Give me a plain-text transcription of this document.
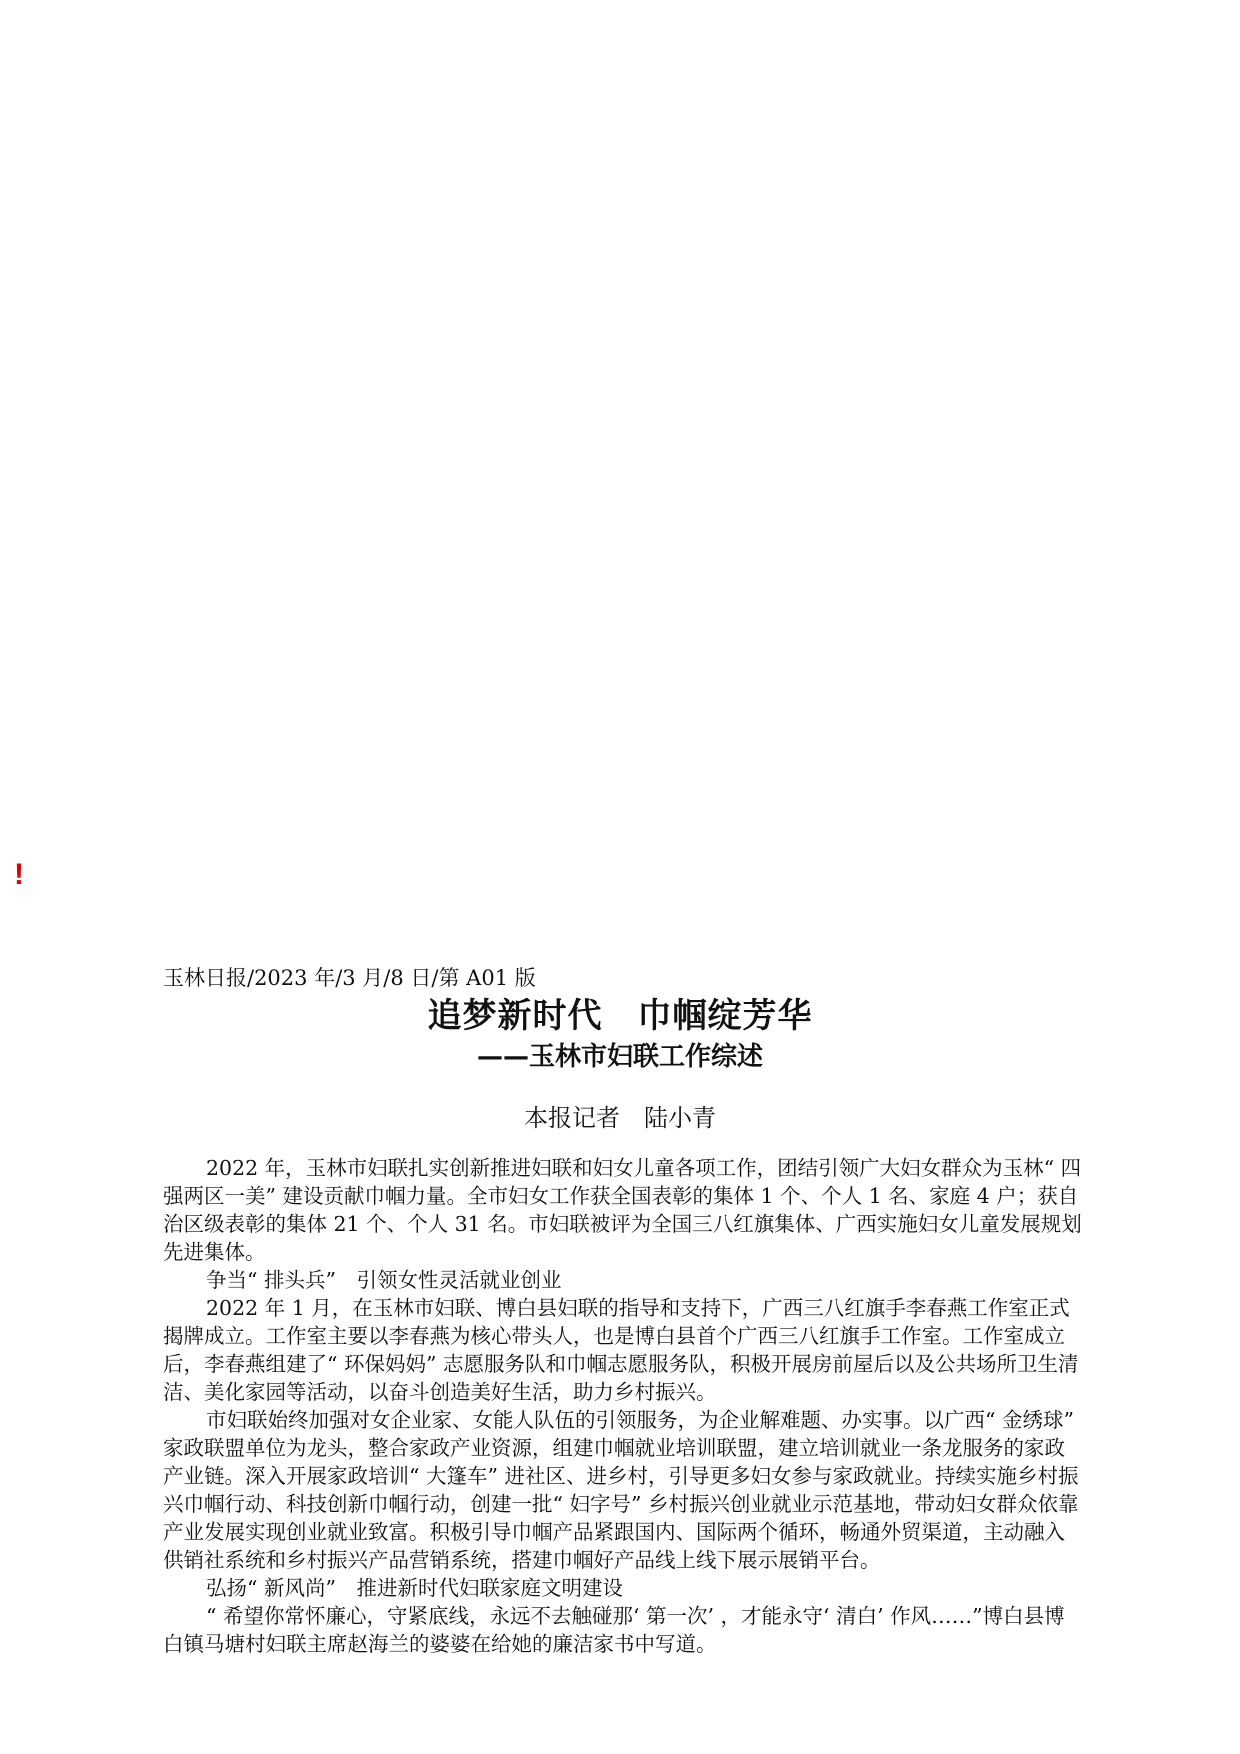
!
玉林日报/2023 年/3 月/8 日/第 A01 版
追梦新时代　巾帼绽芳华
——玉林市妇联工作综述
本报记者　陆小青

2022 年，玉林市妇联扎实创新推进妇联和妇女儿童各项工作，团结引领广大妇女群众为玉林“ 四强两区一美” 建设贡献巾帼力量。全市妇女工作获全国表彰的集体 1 个、个人 1 名、家庭 4 户；获自治区级表彰的集体 21 个、个人 31 名。市妇联被评为全国三八红旗集体、广西实施妇女儿童发展规划先进集体。

争当“ 排头兵”　引领女性灵活就业创业

2022 年 1 月，在玉林市妇联、博白县妇联的指导和支持下，广西三八红旗手李春燕工作室正式揭牌成立。工作室主要以李春燕为核心带头人，也是博白县首个广西三八红旗手工作室。工作室成立后，李春燕组建了“ 环保妈妈” 志愿服务队和巾帼志愿服务队，积极开展房前屋后以及公共场所卫生清洁、美化家园等活动，以奋斗创造美好生活，助力乡村振兴。

市妇联始终加强对女企业家、女能人队伍的引领服务，为企业解难题、办实事。以广西“ 金绣球” 家政联盟单位为龙头，整合家政产业资源，组建巾帼就业培训联盟，建立培训就业一条龙服务的家政产业链。深入开展家政培训“ 大篷车” 进社区、进乡村，引导更多妇女参与家政就业。持续实施乡村振兴巾帼行动、科技创新巾帼行动，创建一批“ 妇字号” 乡村振兴创业就业示范基地，带动妇女群众依靠产业发展实现创业就业致富。积极引导巾帼产品紧跟国内、国际两个循环，畅通外贸渠道，主动融入供销社系统和乡村振兴产品营销系统，搭建巾帼好产品线上线下展示展销平台。

弘扬“ 新风尚”　推进新时代妇联家庭文明建设

“ 希望你常怀廉心，守紧底线，永远不去触碰那‘ 第一次’ ，才能永守‘ 清白’ 作风……”博白县博白镇马塘村妇联主席赵海兰的婆婆在给她的廉洁家书中写道。
